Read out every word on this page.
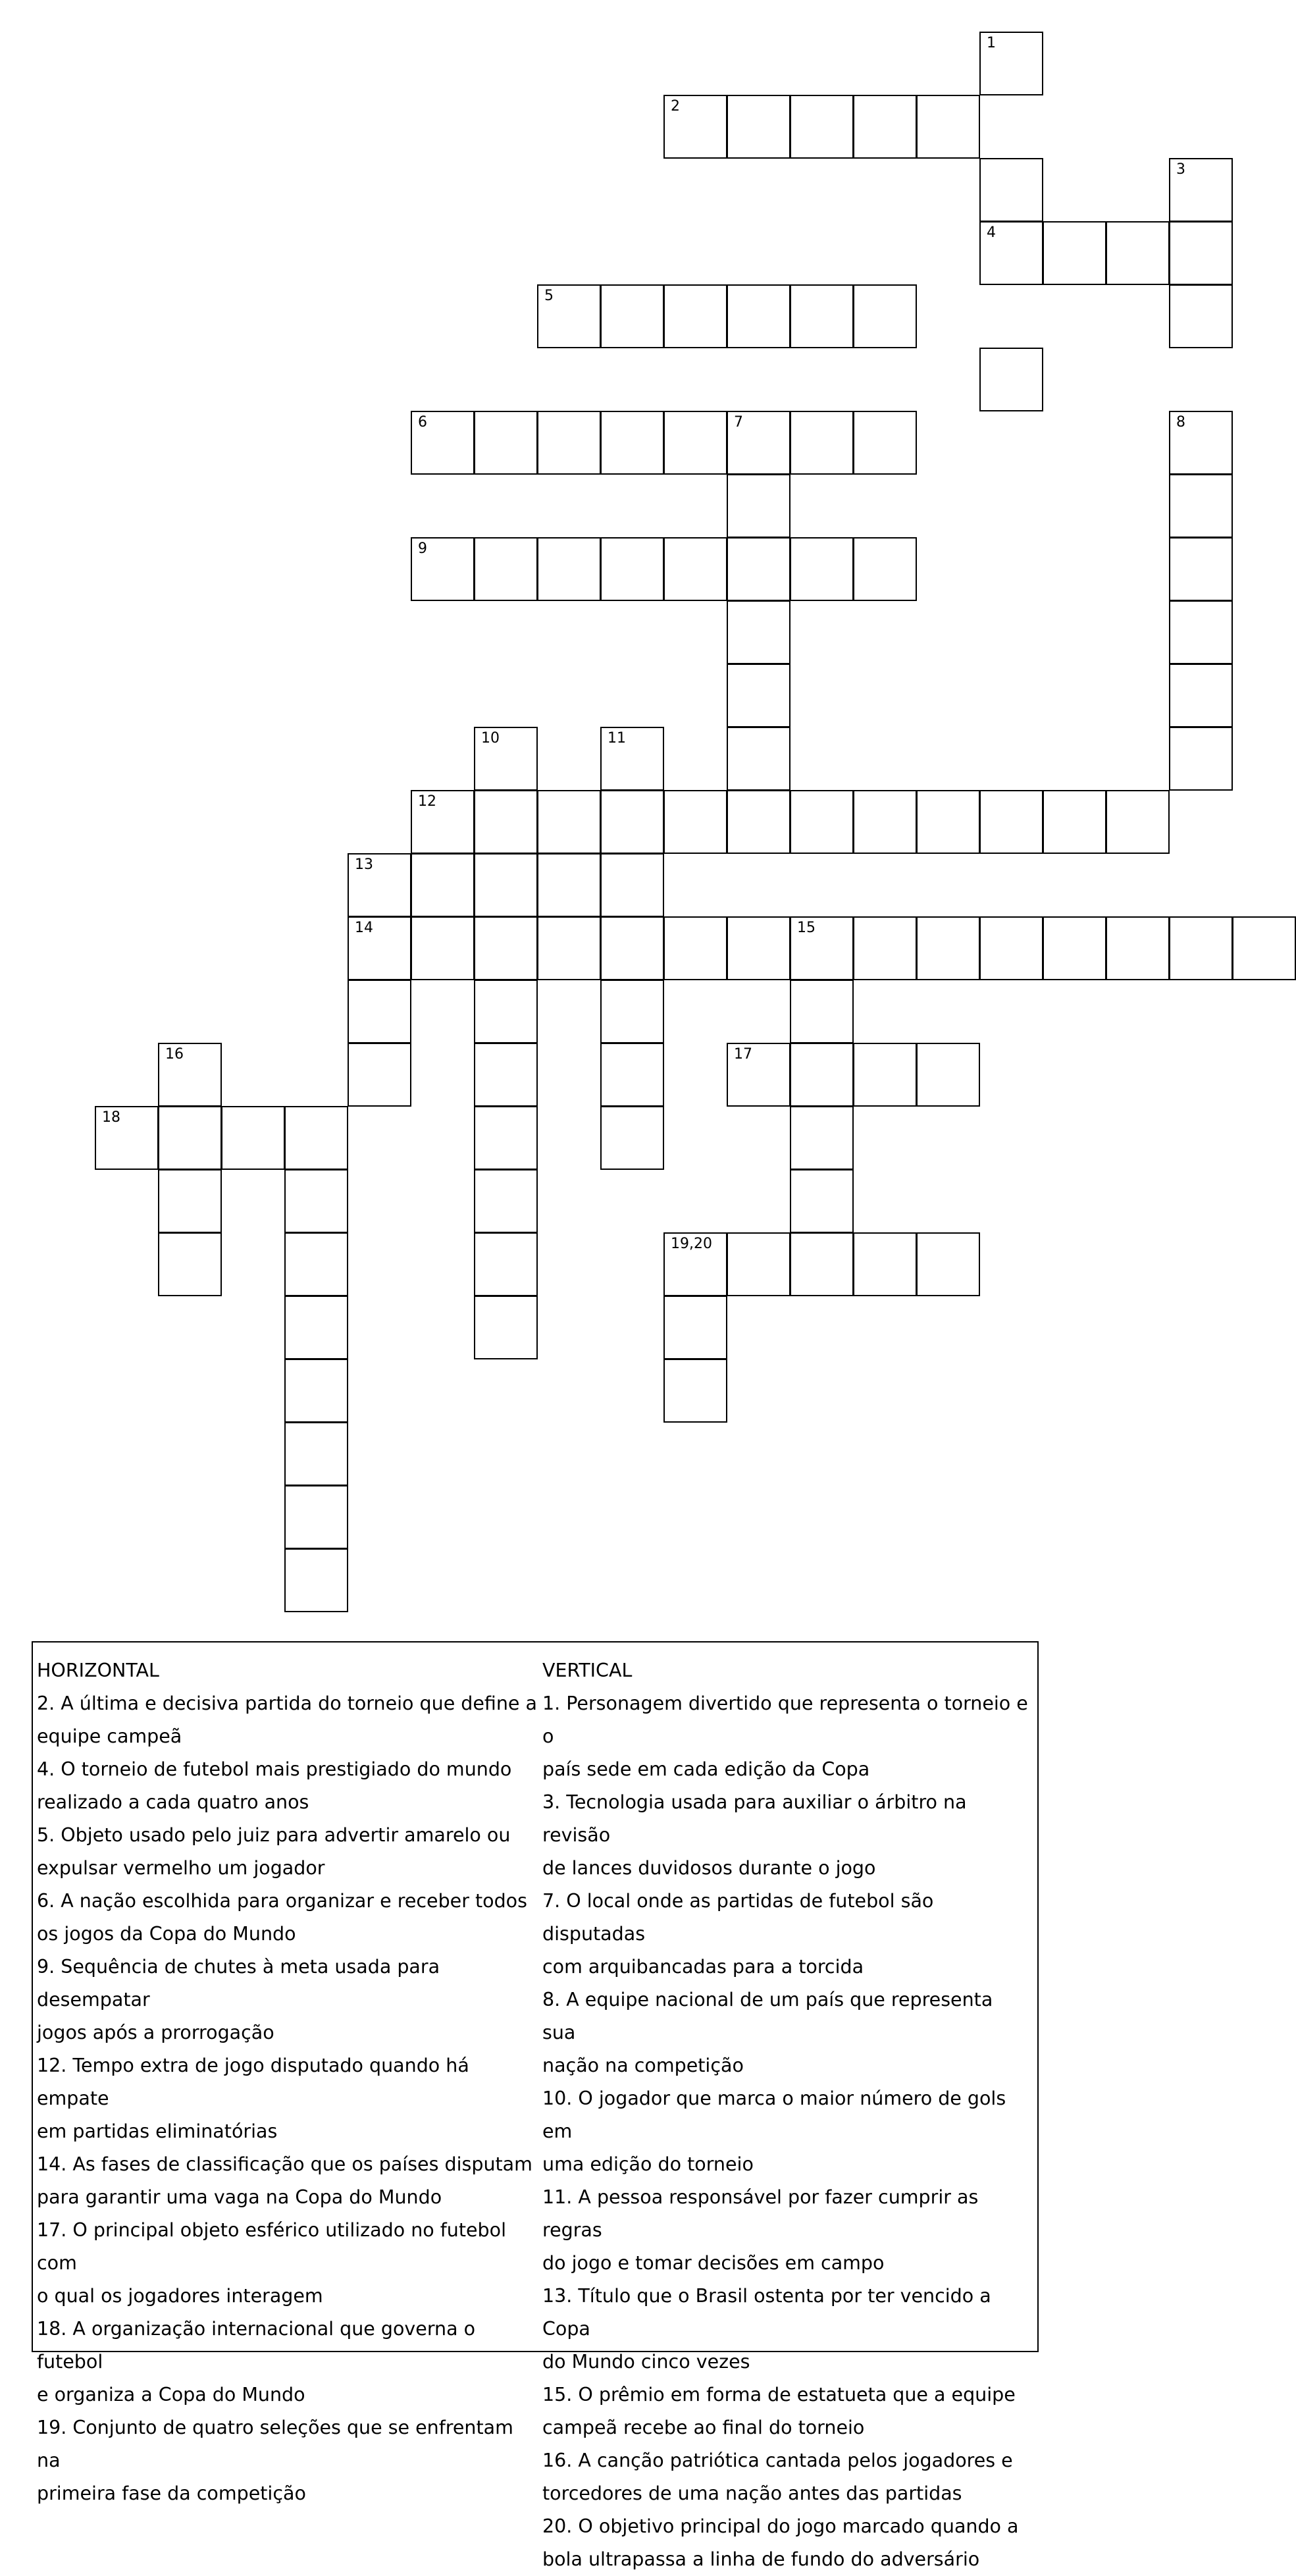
1
2
3
4
5
6	7	8
9
10	11
12
13
14	15
16	17
18
19,20
HORIZONTAL
2. A última e decisiva partida do torneio que define a
equipe campeã
4. O torneio de futebol mais prestigiado do mundo
realizado a cada quatro anos
5. Objeto usado pelo juiz para advertir amarelo ou
expulsar vermelho um jogador
6. A nação escolhida para organizar e receber todos
os jogos da Copa do Mundo
9. Sequência de chutes à meta usada para desempatar
jogos após a prorrogação
12. Tempo extra de jogo disputado quando há empate
em partidas eliminatórias
14. As fases de classificação que os países disputam
para garantir uma vaga na Copa do Mundo
17. O principal objeto esférico utilizado no futebol com
o qual os jogadores interagem
18. A organização internacional que governa o futebol
e organiza a Copa do Mundo
19. Conjunto de quatro seleções que se enfrentam na
primeira fase da competição
VERTICAL
1. Personagem divertido que representa o torneio e o
país sede em cada edição da Copa
3. Tecnologia usada para auxiliar o árbitro na revisão
de lances duvidosos durante o jogo
7. O local onde as partidas de futebol são disputadas
com arquibancadas para a torcida
8. A equipe nacional de um país que representa sua
nação na competição
10. O jogador que marca o maior número de gols em
uma edição do torneio
11. A pessoa responsável por fazer cumprir as regras
do jogo e tomar decisões em campo
13. Título que o Brasil ostenta por ter vencido a Copa
do Mundo cinco vezes
15. O prêmio em forma de estatueta que a equipe
campeã recebe ao final do torneio
16. A canção patriótica cantada pelos jogadores e
torcedores de uma nação antes das partidas
20. O objetivo principal do jogo marcado quando a
bola ultrapassa a linha de fundo do adversário
